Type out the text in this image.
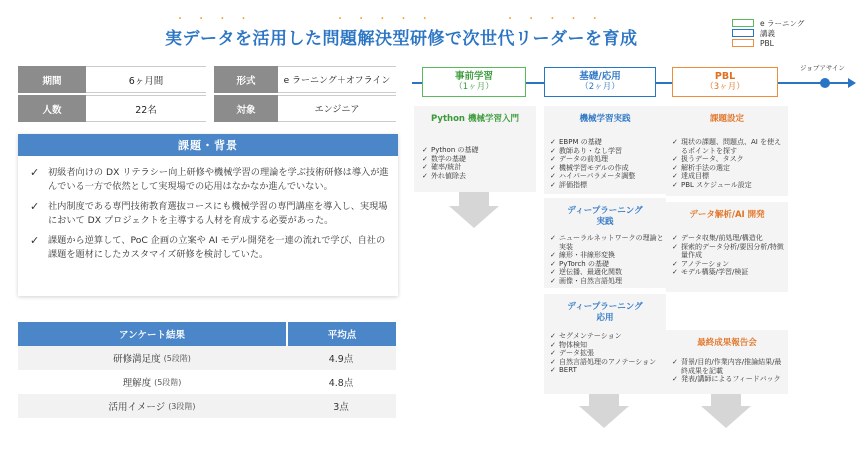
・ ・ ・ ・	・ ・ ・ ・ ・	・ ・ ・ ・ ・
実データを活用した問題解決型研修で次世代リーダーを育成
e ラーニング
講義
PBL
期間	6ヶ月間	形式	e ラーニング＋オフライン
人数	22名	対象	エンジニア
課題・背景
✓ 初級者向けの DX リテラシー向上研修や機械学習の理論を学ぶ技術研修は導入が進んでいる一方で依然として実現場での応用はなかなか進んでいない。
✓ 社内制度である専門技術教育選抜コースにも機械学習の専門講座を導入し、実現場において DX プロジェクトを主導する人材を育成する必要があった。
✓ 課題から逆算して、PoC 企画の立案や AI モデル開発を一連の流れで学び、自社の課題を題材にしたカスタマイズ研修を検討していた。
アンケート結果	平均点
研修満足度 (5段階)	4.9点
理解度 (5段階)	4.8点
活用イメージ (3段階)	3点
ジョブアサイン
事前学習
（1ヶ月）
基礎/応用
（2ヶ月）
PBL
（3ヶ月）
Python 機械学習入門
✓ Python の基礎
✓ 数学の基礎
✓ 確率/統計
✓ 外れ値除去
機械学習実践
✓ EBPM の基礎
✓ 教師あり・なし学習
✓ データの前処理
✓ 機械学習モデルの作成
✓ ハイパーパラメータ調整
✓ 評価指標
ディープラーニング
実践
✓ ニューラルネットワークの理論と実装
✓ 線形・非線形変換
✓ PyTorch の基礎
✓ 逆伝播、最適化関数
✓ 画像・自然言語処理
ディープラーニング
応用
✓ セグメンテーション
✓ 物体検知
✓ データ拡張
✓ 自然言語処理のアノテーション
✓ BERT
課題設定
✓ 現状の課題、問題点、AI を使えるポイントを探す
✓ 扱うデータ、タスク
✓ 解析手法の選定
✓ 達成目標
✓ PBL スケジュール設定
データ解析/AI 開発
✓ データ収集/前処理/構造化
✓ 探索的データ分析/要因分析/特徴量作成
✓ アノテーション
✓ モデル構築/学習/検証
最終成果報告会
✓ 背景/目的/作業内容/推論結果/最終成果を記載
✓ 発表/講師によるフィードバック
